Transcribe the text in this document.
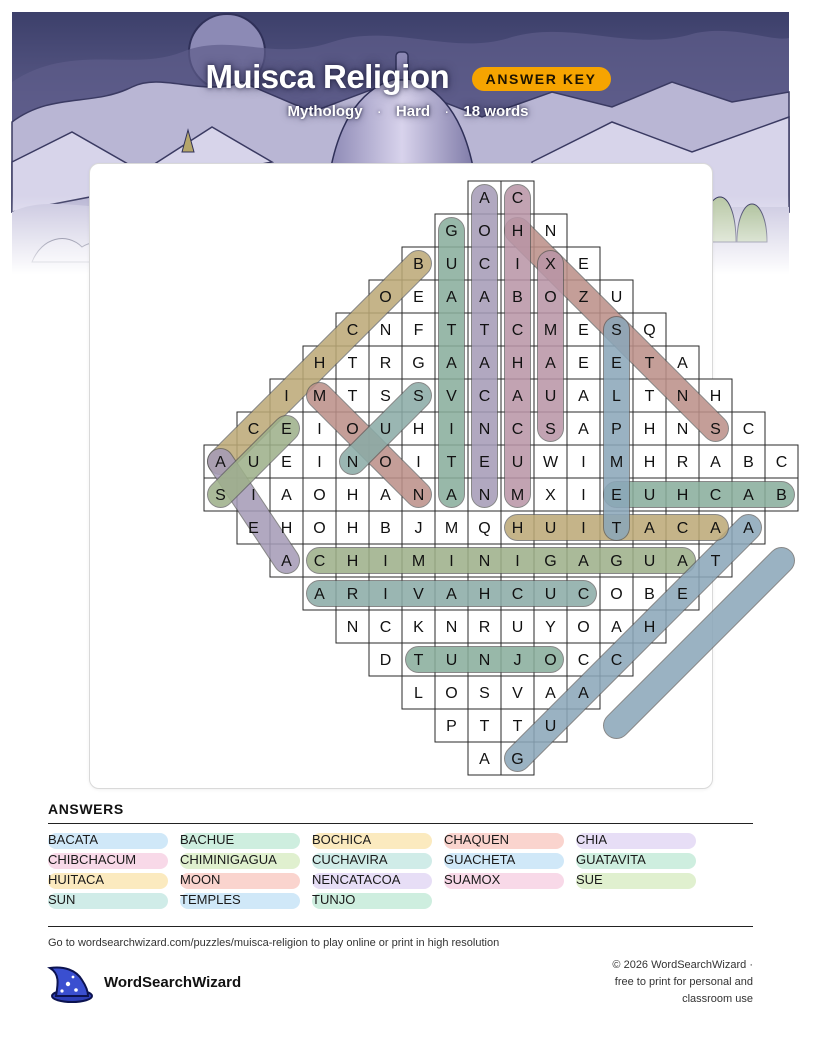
Muisca Religion	ANSWER KEY
Mythology · Hard · 18 words
A C
G O H N
B U C I X E
O E A A B O Z U
C N F T T C M E S Q
H T R G A A H A E E T A
I M T S S V C A U A L T N H
C E I O U H I N C S A P H N S C
A U E I N O I T E U W I M H R A B C
S I A O H A N A N M X I E U H C A B
E H O H B J M Q H U I T A C A A
A C H I M I N I G A G U A T
A R I V A H C U C O B E
N C K N R U Y O A H
D T U N J O C C
L O S V A A
P T T U
A G
ANSWERS
BACATA	BACHUE	BOCHICA	CHAQUEN	CHIA
CHIBCHACUM	CHIMINIGAGUA	CUCHAVIRA	GUACHETA	GUATAVITA
HUITACA	MOON	NENCATACOA	SUAMOX	SUE
SUN	TEMPLES	TUNJO
Go to wordsearchwizard.com/puzzles/muisca-religion to play online or print in high resolution
WordSearchWizard
© 2026 WordSearchWizard ·
free to print for personal and
classroom use
